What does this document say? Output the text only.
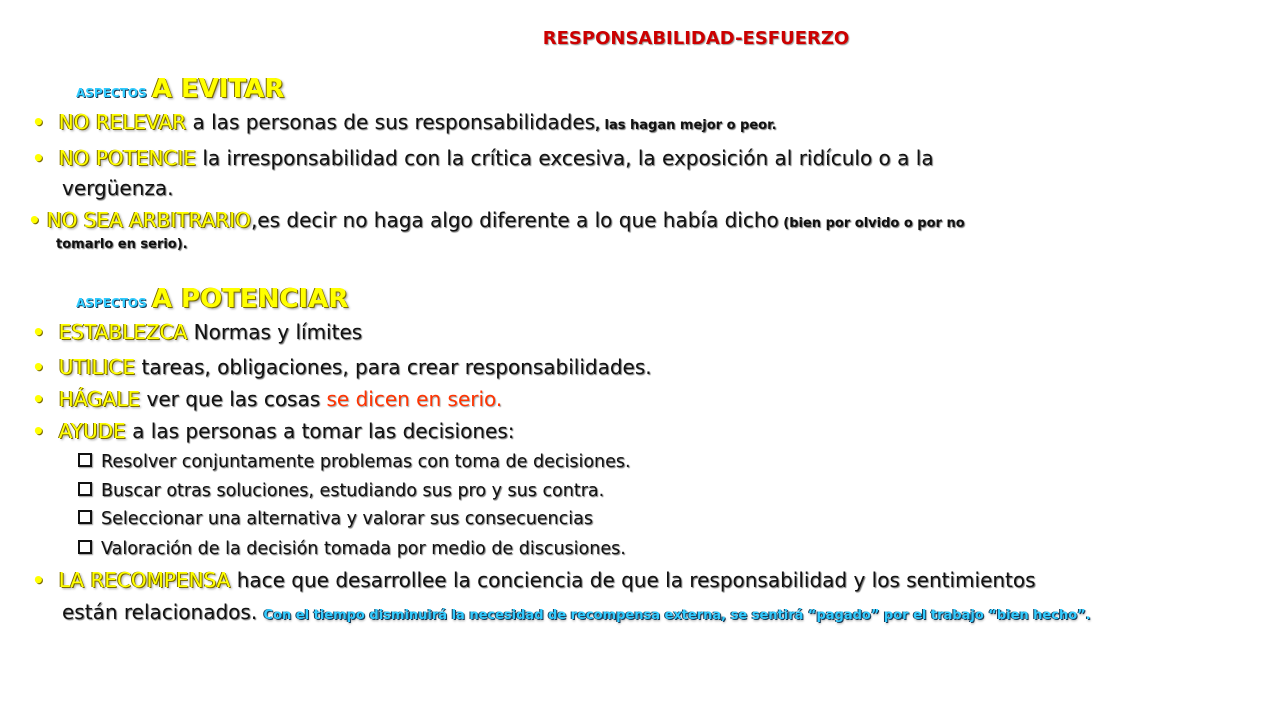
RESPONSABILIDAD-ESFUERZO
ASPECTOS A EVITAR
• NO RELEVAR a las personas de sus responsabilidades, las hagan mejor o peor.
• NO POTENCIE la irresponsabilidad con la crítica excesiva, la exposición al ridículo o a la
vergüenza.
• NO SEA ARBITRARIO,es decir no haga algo diferente a lo que había dicho (bien por olvido o por no
tomarlo en serio).
ASPECTOS A POTENCIAR
• ESTABLEZCA Normas y límites
• UTILICE tareas, obligaciones, para crear responsabilidades.
• HÁGALE ver que las cosas se dicen en serio.
• AYUDE a las personas a tomar las decisiones:
Resolver conjuntamente problemas con toma de decisiones.
Buscar otras soluciones, estudiando sus pro y sus contra.
Seleccionar una alternativa y valorar sus consecuencias
Valoración de la decisión tomada por medio de discusiones.
• LA RECOMPENSA hace que desarrollee la conciencia de que la responsabilidad y los sentimientos
están relacionados. Con el tiempo disminuirá la necesidad de recompensa externa, se sentirá “pagado” por el trabajo “bien hecho”.
